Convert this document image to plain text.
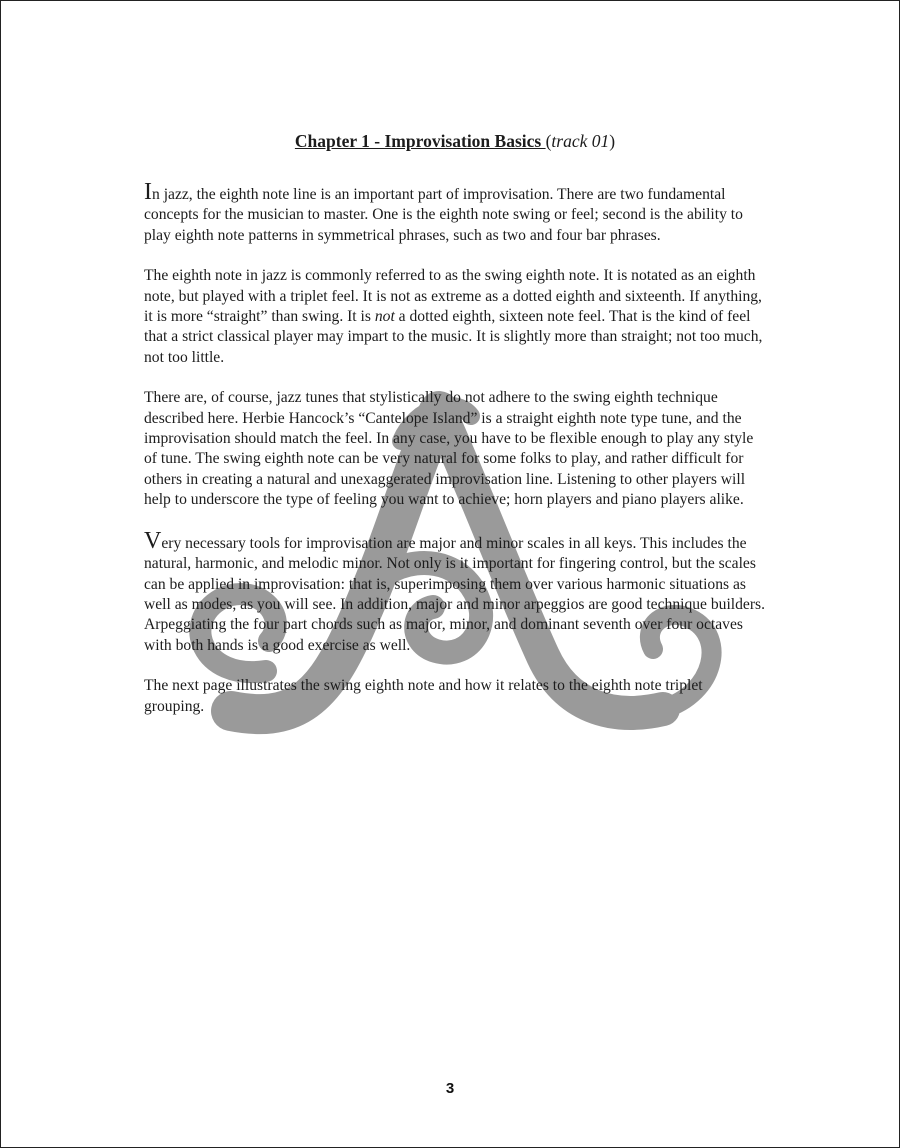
Chapter 1 - Improvisation Basics (track 01)

In jazz, the eighth note line is an important part of improvisation. There are two fundamental concepts for the musician to master. One is the eighth note swing or feel; second is the ability to play eighth note patterns in symmetrical phrases, such as two and four bar phrases.

The eighth note in jazz is commonly referred to as the swing eighth note. It is notated as an eighth note, but played with a triplet feel. It is not as extreme as a dotted eighth and sixteenth. If anything, it is more “straight” than swing. It is not a dotted eighth, sixteen note feel. That is the kind of feel that a strict classical player may impart to the music. It is slightly more than straight; not too much, not too little.

There are, of course, jazz tunes that stylistically do not adhere to the swing eighth technique described here. Herbie Hancock’s “Cantelope Island” is a straight eighth note type tune, and the improvisation should match the feel. In any case, you have to be flexible enough to play any style of tune. The swing eighth note can be very natural for some folks to play, and rather difficult for others in creating a natural and unexaggerated improvisation line. Listening to other players will help to underscore the type of feeling you want to achieve; horn players and piano players alike.

Very necessary tools for improvisation are major and minor scales in all keys. This includes the natural, harmonic, and melodic minor. Not only is it important for fingering control, but the scales can be applied in improvisation: that is, superimposing them over various harmonic situations as well as modes, as you will see. In addition, major and minor arpeggios are good technique builders. Arpeggiating the four part chords such as major, minor, and dominant seventh over four octaves with both hands is a good exercise as well.

The next page illustrates the swing eighth note and how it relates to the eighth note triplet grouping.

3
